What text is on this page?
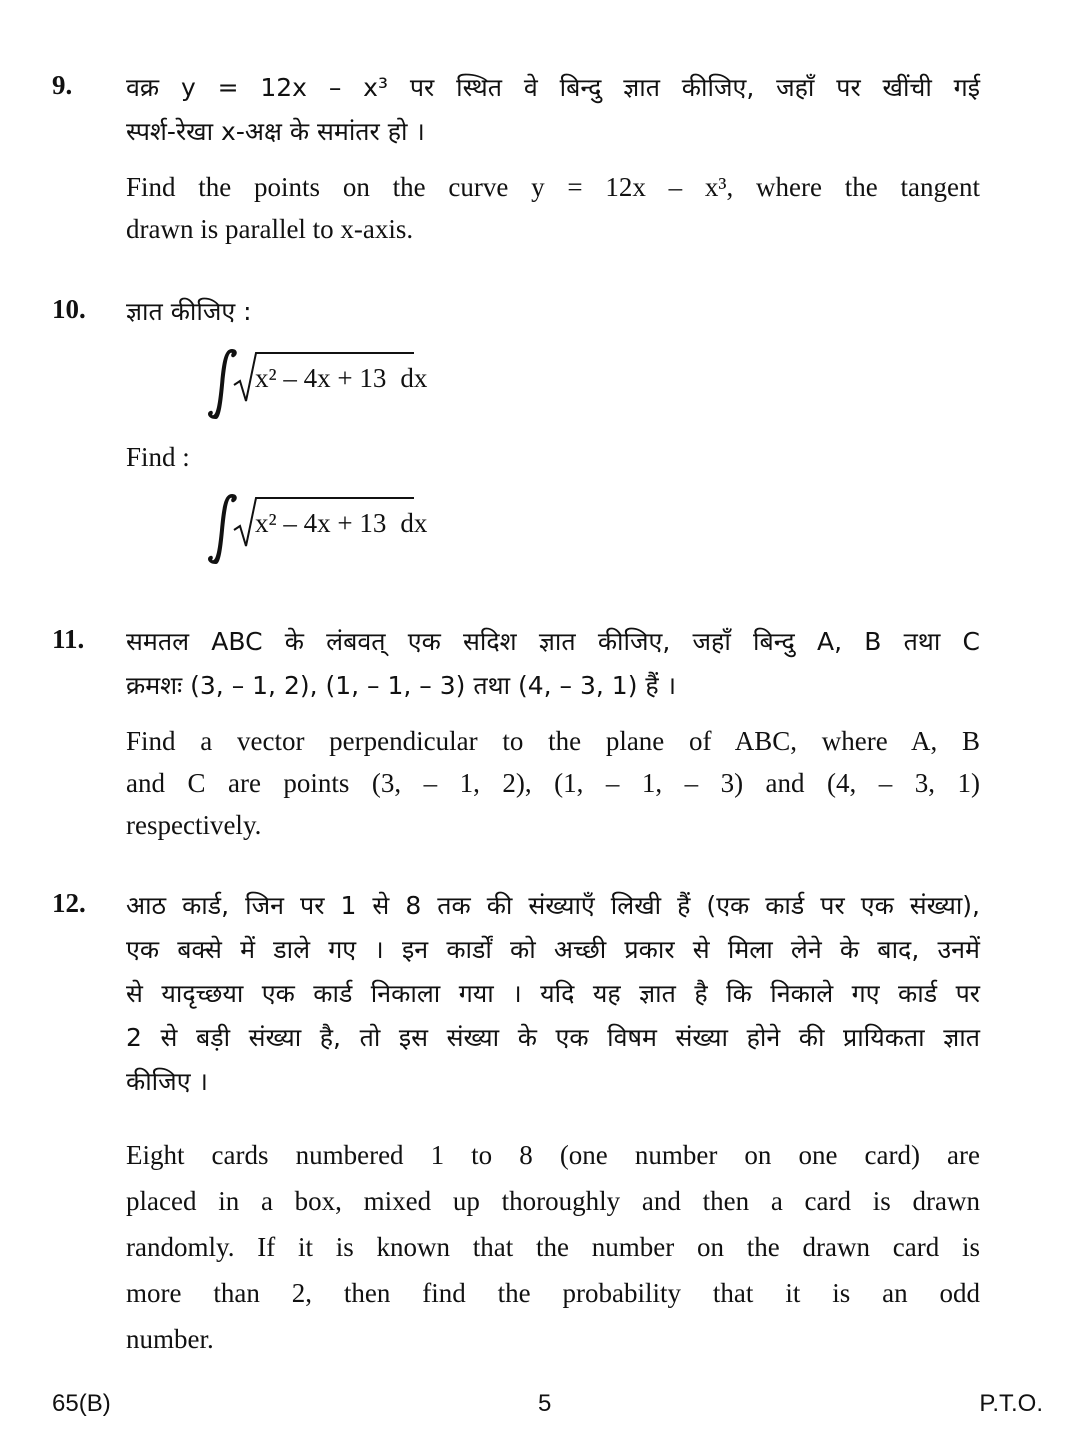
9. वक्र y = 12x – x³ पर स्थित वे बिन्दु ज्ञात कीजिए, जहाँ पर खींची गई
स्पर्श-रेखा x-अक्ष के समांतर हो ।
Find the points on the curve y = 12x – x³, where the tangent
drawn is parallel to x-axis.
10. ज्ञात कीजिए :
x² – 4x + 13 dx
Find :
x² – 4x + 13 dx
11. समतल ABC के लंबवत् एक सदिश ज्ञात कीजिए, जहाँ बिन्दु A, B तथा C
क्रमशः (3, – 1, 2), (1, – 1, – 3) तथा (4, – 3, 1) हैं ।
Find a vector perpendicular to the plane of ABC, where A, B
and C are points (3, – 1, 2), (1, – 1, – 3) and (4, – 3, 1)
respectively.
12. आठ कार्ड, जिन पर 1 से 8 तक की संख्याएँ लिखी हैं (एक कार्ड पर एक संख्या),
एक बक्से में डाले गए । इन कार्डों को अच्छी प्रकार से मिला लेने के बाद, उनमें
से यादृच्छया एक कार्ड निकाला गया । यदि यह ज्ञात है कि निकाले गए कार्ड पर
2 से बड़ी संख्या है, तो इस संख्या के एक विषम संख्या होने की प्रायिकता ज्ञात
कीजिए ।
Eight cards numbered 1 to 8 (one number on one card) are
placed in a box, mixed up thoroughly and then a card is drawn
randomly. If it is known that the number on the drawn card is
more than 2, then find the probability that it is an odd
number.
65(B)	5	P.T.O.
